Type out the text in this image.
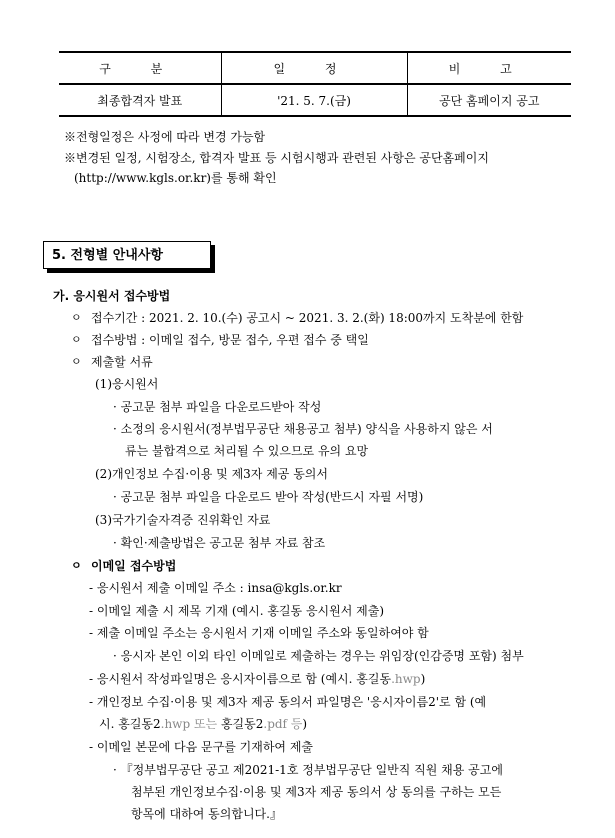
구 분	일 정	비 고
최종합격자 발표	'21. 5. 7.(금)	공단 홈페이지 공고
※전형일정은 사정에 따라 변경 가능함
※변경된 일정, 시험장소, 합격자 발표 등 시험시행과 관련된 사항은 공단홈페이지
(http://www.kgls.or.kr)를 통해 확인
5. 전형별 안내사항
가. 응시원서 접수방법
ㅇ 접수기간 : 2021. 2. 10.(수) 공고시 ~ 2021. 3. 2.(화) 18:00까지 도착분에 한함
ㅇ 접수방법 : 이메일 접수, 방문 접수, 우편 접수 중 택일
ㅇ 제출할 서류
(1)응시원서
· 공고문 첨부 파일을 다운로드받아 작성
· 소정의 응시원서(정부법무공단 채용공고 첨부) 양식을 사용하지 않은 서
류는 불합격으로 처리될 수 있으므로 유의 요망
(2)개인정보 수집·이용 및 제3자 제공 동의서
· 공고문 첨부 파일을 다운로드 받아 작성(반드시 자필 서명)
(3)국가기술자격증 진위확인 자료
· 확인·제출방법은 공고문 첨부 자료 참조
ㅇ 이메일 접수방법
- 응시원서 제출 이메일 주소 : insa@kgls.or.kr
- 이메일 제출 시 제목 기재 (예시. 홍길동 응시원서 제출)
- 제출 이메일 주소는 응시원서 기재 이메일 주소와 동일하여야 함
· 응시자 본인 이외 타인 이메일로 제출하는 경우는 위임장(인감증명 포함) 첨부
- 응시원서 작성파일명은 응시자이름으로 함 (예시. 홍길동.hwp)
- 개인정보 수집·이용 및 제3자 제공 동의서 파일명은 '응시자이름2'로 함 (예
시. 홍길동2.hwp 또는 홍길동2.pdf 등)
- 이메일 본문에 다음 문구를 기재하여 제출
· 『정부법무공단 공고 제2021-1호 정부법무공단 일반직 직원 채용 공고에
첨부된 개인정보수집·이용 및 제3자 제공 동의서 상 동의를 구하는 모든
항목에 대하여 동의합니다.』
